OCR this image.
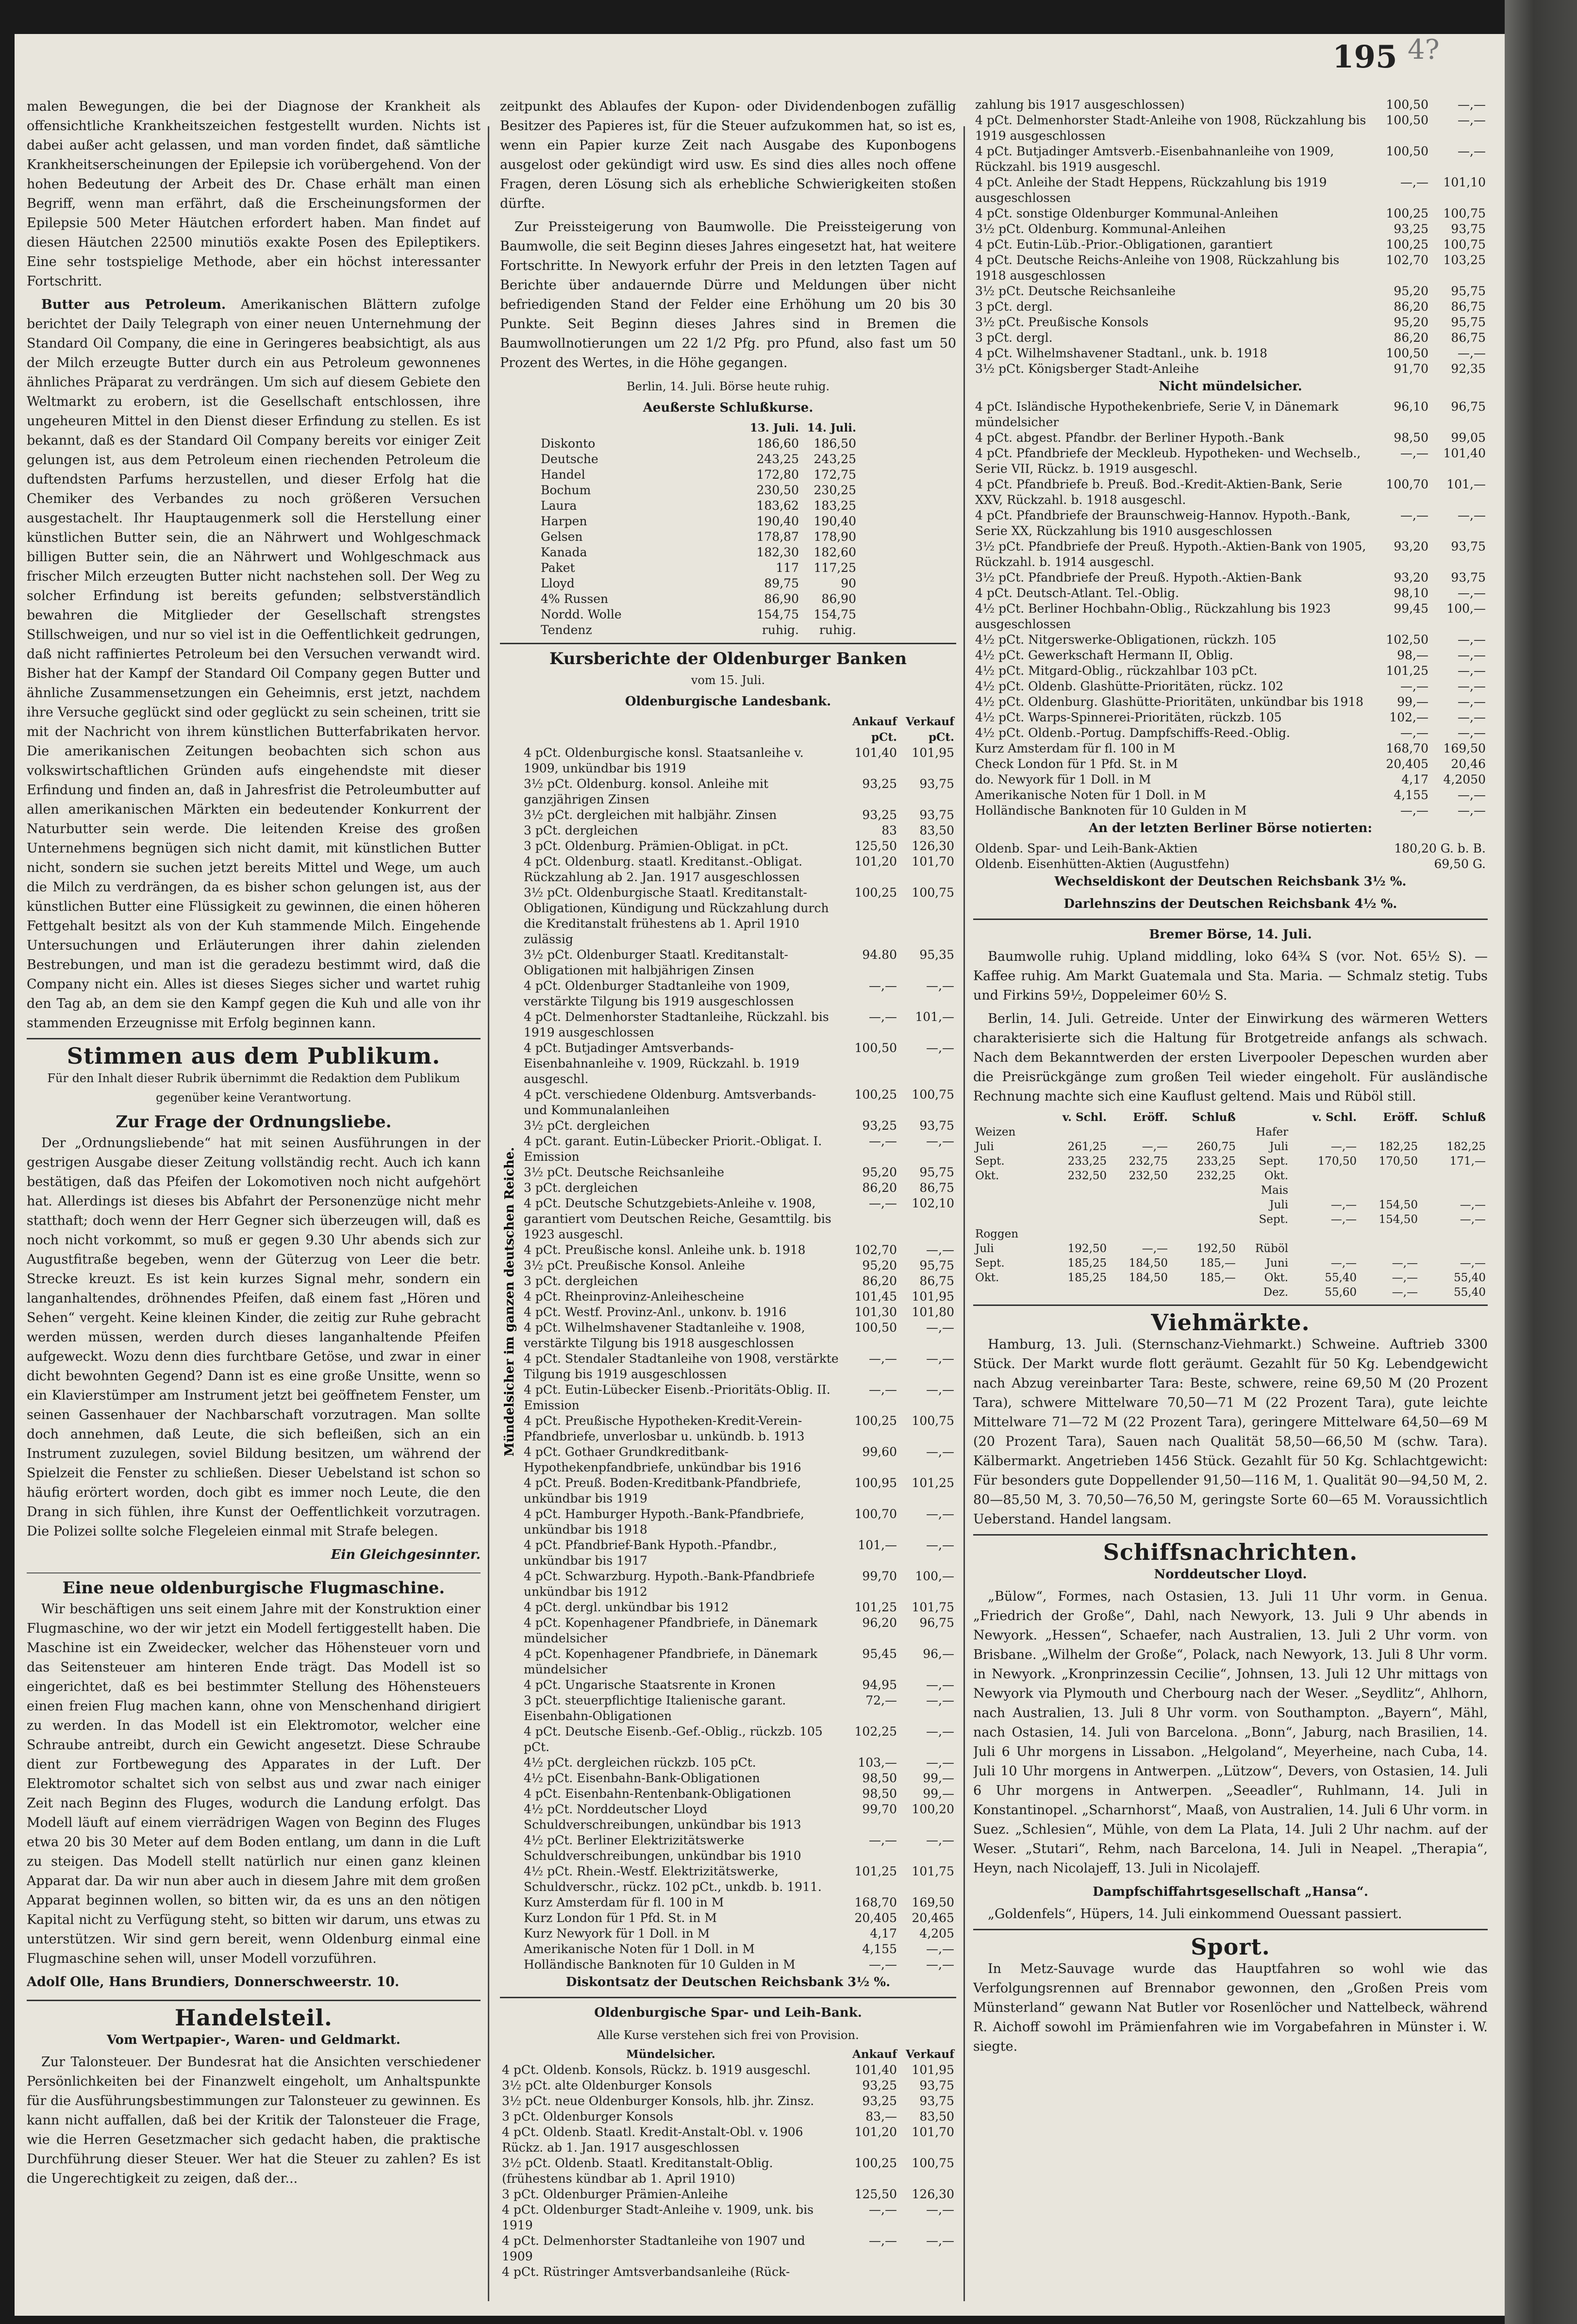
195 4?

malen Bewegungen, die bei der Diagnose der Krankheit als offensichtliche Krankheitszeichen festgestellt wurden. Nichts ist dabei außer acht gelassen, und man vorden findet, daß sämtliche Krankheitserscheinungen der Epilepsie ich vorübergehend. Von der hohen Bedeutung der Arbeit des Dr. Chase erhält man einen Begriff, wenn man erfährt, daß die Erscheinungsformen der Epilepsie 500 Meter Häutchen erfordert haben. Man findet auf diesen Häutchen 22500 minutiös exakte Posen des Epileptikers. Eine sehr tostspielige Methode, aber ein höchst interessanter Fortschritt.

Butter aus Petroleum. Amerikanischen Blättern zufolge berichtet der Daily Telegraph von einer neuen Unternehmung der Standard Oil Company, die eine in Geringeres beabsichtigt, als aus der Milch erzeugte Butter durch ein aus Petroleum gewonnenes ähnliches Präparat zu verdrängen. Um sich auf diesem Gebiete den Weltmarkt zu erobern, ist die Gesellschaft entschlossen, ihre ungeheuren Mittel in den Dienst dieser Erfindung zu stellen. Es ist bekannt, daß es der Standard Oil Company bereits vor einiger Zeit gelungen ist, aus dem Petroleum einen riechenden Petroleum die duftendsten Parfums herzustellen, und dieser Erfolg hat die Chemiker des Verbandes zu noch größeren Versuchen ausgestachelt. Ihr Hauptaugenmerk soll die Herstellung einer künstlichen Butter sein, die an Nährwert und Wohlgeschmack billigen Butter sein, die an Nährwert und Wohlgeschmack aus frischer Milch erzeugten Butter nicht nachstehen soll. Der Weg zu solcher Erfindung ist bereits gefunden; selbstverständlich bewahren die Mitglieder der Gesellschaft strengstes Stillschweigen, und nur so viel ist in die Oeffentlichkeit gedrungen, daß nicht raffiniertes Petroleum bei den Versuchen verwandt wird. Bisher hat der Kampf der Standard Oil Company gegen Butter und ähnliche Zusammensetzungen ein Geheimnis, erst jetzt, nachdem ihre Versuche geglückt sind oder geglückt zu sein scheinen, tritt sie mit der Nachricht von ihrem künstlichen Butterfabrikaten hervor. Die amerikanischen Zeitungen beobachten sich schon aus volkswirtschaftlichen Gründen aufs eingehendste mit dieser Erfindung und finden an, daß in Jahresfrist die Petroleumbutter auf allen amerikanischen Märkten ein bedeutender Konkurrent der Naturbutter sein werde. Die leitenden Kreise des großen Unternehmens begnügen sich nicht damit, mit künstlichen Butter nicht, sondern sie suchen jetzt bereits Mittel und Wege, um auch die Milch zu verdrängen, da es bisher schon gelungen ist, aus der künstlichen Butter eine Flüssigkeit zu gewinnen, die einen höheren Fettgehalt besitzt als von der Kuh stammende Milch. Eingehende Untersuchungen und Erläuterungen ihrer dahin zielenden Bestrebungen, und man ist die geradezu bestimmt wird, daß die Company nicht ein. Alles ist dieses Sieges sicher und wartet ruhig den Tag ab, an dem sie den Kampf gegen die Kuh und alle von ihr stammenden Erzeugnisse mit Erfolg beginnen kann.

Stimmen aus dem Publikum.
Für den Inhalt dieser Rubrik übernimmt die Redaktion dem Publikum gegenüber keine Verantwortung.
Zur Frage der Ordnungsliebe.

Der „Ordnungsliebende“ hat mit seinen Ausführungen in der gestrigen Ausgabe dieser Zeitung vollständig recht. Auch ich kann bestätigen, daß das Pfeifen der Lokomotiven noch nicht aufgehört hat. Allerdings ist dieses bis Abfahrt der Personenzüge nicht mehr statthaft; doch wenn der Herr Gegner sich überzeugen will, daß es noch nicht vorkommt, so muß er gegen 9.30 Uhr abends sich zur Augustfitraße begeben, wenn der Güterzug von Leer die betr. Strecke kreuzt. Es ist kein kurzes Signal mehr, sondern ein langanhaltendes, dröhnendes Pfeifen, daß einem fast „Hören und Sehen“ vergeht. Keine kleinen Kinder, die zeitig zur Ruhe gebracht werden müssen, werden durch dieses langanhaltende Pfeifen aufgeweckt. Wozu denn dies furchtbare Getöse, und zwar in einer dicht bewohnten Gegend? Dann ist es eine große Unsitte, wenn so ein Klavierstümper am Instrument jetzt bei geöffnetem Fenster, um seinen Gassenhauer der Nachbarschaft vorzutragen. Man sollte doch annehmen, daß Leute, die sich befleißen, sich an ein Instrument zuzulegen, soviel Bildung besitzen, um während der Spielzeit die Fenster zu schließen. Dieser Uebelstand ist schon so häufig erörtert worden, doch gibt es immer noch Leute, die den Drang in sich fühlen, ihre Kunst der Oeffentlichkeit vorzutragen. Die Polizei sollte solche Flegeleien einmal mit Strafe belegen.

Ein Gleichgesinnter.
Eine neue oldenburgische Flugmaschine.

Wir beschäftigen uns seit einem Jahre mit der Konstruktion einer Flugmaschine, wo der wir jetzt ein Modell fertiggestellt haben. Die Maschine ist ein Zweidecker, welcher das Höhensteuer vorn und das Seitensteuer am hinteren Ende trägt. Das Modell ist so eingerichtet, daß es bei bestimmter Stellung des Höhensteuers einen freien Flug machen kann, ohne von Menschenhand dirigiert zu werden. In das Modell ist ein Elektromotor, welcher eine Schraube antreibt, durch ein Gewicht angesetzt. Diese Schraube dient zur Fortbewegung des Apparates in der Luft. Der Elektromotor schaltet sich von selbst aus und zwar nach einiger Zeit nach Beginn des Fluges, wodurch die Landung erfolgt. Das Modell läuft auf einem vierrädrigen Wagen von Beginn des Fluges etwa 20 bis 30 Meter auf dem Boden entlang, um dann in die Luft zu steigen. Das Modell stellt natürlich nur einen ganz kleinen Apparat dar. Da wir nun aber auch in diesem Jahre mit dem großen Apparat beginnen wollen, so bitten wir, da es uns an den nötigen Kapital nicht zu Verfügung steht, so bitten wir darum, uns etwas zu unterstützen. Wir sind gern bereit, wenn Oldenburg einmal eine Flugmaschine sehen will, unser Modell vorzuführen.

Adolf Olle, Hans Brundiers, Donnerschweerstr. 10.
Handelsteil.
Vom Wertpapier-, Waren- und Geldmarkt.

Zur Talonsteuer. Der Bundesrat hat die Ansichten verschiedener Persönlichkeiten bei der Finanzwelt eingeholt, um Anhaltspunkte für die Ausführungsbestimmungen zur Talonsteuer zu gewinnen. Es kann nicht auffallen, daß bei der Kritik der Talonsteuer die Frage, wie die Herren Gesetzmacher sich gedacht haben, die praktische Durchführung dieser Steuer. Wer hat die Steuer zu zahlen? Es ist die Ungerechtigkeit zu zeigen, daß der...

zeitpunkt des Ablaufes der Kupon- oder Dividendenbogen zufällig Besitzer des Papieres ist, für die Steuer aufzukommen hat, so ist es, wenn ein Papier kurze Zeit nach Ausgabe des Kuponbogens ausgelost oder gekündigt wird usw. Es sind dies alles noch offene Fragen, deren Lösung sich als erhebliche Schwierigkeiten stoßen dürfte.

Zur Preissteigerung von Baumwolle. Die Preissteigerung von Baumwolle, die seit Beginn dieses Jahres eingesetzt hat, hat weitere Fortschritte. In Newyork erfuhr der Preis in den letzten Tagen auf Berichte über andauernde Dürre und Meldungen über nicht befriedigenden Stand der Felder eine Erhöhung um 20 bis 30 Punkte. Seit Beginn dieses Jahres sind in Bremen die Baumwollnotierungen um 22 1/2 Pfg. pro Pfund, also fast um 50 Prozent des Wertes, in die Höhe gegangen.

Berlin, 14. Juli. Börse heute ruhig.
Aeußerste Schlußkurse.
	13. Juli.	14. Juli.
Diskonto	186,60	186,50
Deutsche	243,25	243,25
Handel	172,80	172,75
Bochum	230,50	230,25
Laura	183,62	183,25
Harpen	190,40	190,40
Gelsen	178,87	178,90
Kanada	182,30	182,60
Paket	117	117,25
Lloyd	89,75	90
4% Russen	86,90	86,90
Nordd. Wolle	154,75	154,75
Tendenz	ruhig.	ruhig.
Kursberichte der Oldenburger Banken
vom 15. Juli.
Oldenburgische Landesbank.
	Ankauf	Verkauf
	pCt.	pCt.
4 pCt. Oldenburgische konsl. Staatsanleihe v. 1909, unkündbar bis 1919	101,40	101,95
3½ pCt. Oldenburg. konsol. Anleihe mit ganzjährigen Zinsen	93,25	93,75
3½ pCt. dergleichen mit halbjähr. Zinsen	93,25	93,75
3 pCt. dergleichen	83	83,50
3 pCt. Oldenburg. Prämien-Obligat. in pCt.	125,50	126,30
4 pCt. Oldenburg. staatl. Kreditanst.-Obligat. Rückzahlung ab 2. Jan. 1917 ausgeschlossen	101,20	101,70
3½ pCt. Oldenburgische Staatl. Kreditanstalt-Obligationen, Kündigung und Rückzahlung durch die Kreditanstalt frühestens ab 1. April 1910 zulässig	100,25	100,75
3½ pCt. Oldenburger Staatl. Kreditanstalt-Obligationen mit halbjährigen Zinsen	94.80	95,35
4 pCt. Oldenburger Stadtanleihe von 1909, verstärkte Tilgung bis 1919 ausgeschlossen	—,—	—,—
4 pCt. Delmenhorster Stadtanleihe, Rückzahl. bis 1919 ausgeschlossen	—,—	101,—
4 pCt. Butjadinger Amtsverbands-Eisenbahnanleihe v. 1909, Rückzahl. b. 1919 ausgeschl.	100,50	—,—
4 pCt. verschiedene Oldenburg. Amtsverbands- und Kommunalanleihen	100,25	100,75
3½ pCt. dergleichen	93,25	93,75
4 pCt. garant. Eutin-Lübecker Priorit.-Obligat. I. Emission	—,—	—,—
3½ pCt. Deutsche Reichsanleihe	95,20	95,75
3 pCt. dergleichen	86,20	86,75
4 pCt. Deutsche Schutzgebiets-Anleihe v. 1908, garantiert vom Deutschen Reiche, Gesamttilg. bis 1923 ausgeschl.	—,—	102,10
4 pCt. Preußische konsl. Anleihe unk. b. 1918	102,70	—,—
3½ pCt. Preußische Konsol. Anleihe	95,20	95,75
3 pCt. dergleichen	86,20	86,75
4 pCt. Rheinprovinz-Anleihescheine	101,45	101,95
4 pCt. Westf. Provinz-Anl., unkonv. b. 1916	101,30	101,80
4 pCt. Wilhelmshavener Stadtanleihe v. 1908, verstärkte Tilgung bis 1918 ausgeschlossen	100,50	—,—
4 pCt. Stendaler Stadtanleihe von 1908, verstärkte Tilgung bis 1919 ausgeschlossen	—,—	—,—
4 pCt. Eutin-Lübecker Eisenb.-Prioritäts-Oblig. II. Emission	—,—	—,—
4 pCt. Preußische Hypotheken-Kredit-Verein-Pfandbriefe, unverlosbar u. unkündb. b. 1913	100,25	100,75
4 pCt. Gothaer Grundkreditbank-Hypothekenpfandbriefe, unkündbar bis 1916	99,60	—,—
4 pCt. Preuß. Boden-Kreditbank-Pfandbriefe, unkündbar bis 1919	100,95	101,25
4 pCt. Hamburger Hypoth.-Bank-Pfandbriefe, unkündbar bis 1918	100,70	—,—
4 pCt. Pfandbrief-Bank Hypoth.-Pfandbr., unkündbar bis 1917	101,—	—,—
4 pCt. Schwarzburg. Hypoth.-Bank-Pfandbriefe unkündbar bis 1912	99,70	100,—
4 pCt. dergl. unkündbar bis 1912	101,25	101,75
4 pCt. Kopenhagener Pfandbriefe, in Dänemark mündelsicher	96,20	96,75
4 pCt. Kopenhagener Pfandbriefe, in Dänemark mündelsicher	95,45	96,—
4 pCt. Ungarische Staatsrente in Kronen	94,95	—,—
3 pCt. steuerpflichtige Italienische garant. Eisenbahn-Obligationen	72,—	—,—
4 pCt. Deutsche Eisenb.-Gef.-Oblig., rückzb. 105 pCt.	102,25	—,—
4½ pCt. dergleichen rückzb. 105 pCt.	103,—	—,—
4½ pCt. Eisenbahn-Bank-Obligationen	98,50	99,—
4 pCt. Eisenbahn-Rentenbank-Obligationen	98,50	99,—
4½ pCt. Norddeutscher Lloyd Schuldverschreibungen, unkündbar bis 1913	99,70	100,20
4½ pCt. Berliner Elektrizitätswerke Schuldverschreibungen, unkündbar bis 1910	—,—	—,—
4½ pCt. Rhein.-Westf. Elektrizitätswerke, Schuldverschr., rückz. 102 pCt., unkdb. b. 1911.	101,25	101,75
Kurz Amsterdam für fl. 100 in M	168,70	169,50
Kurz London für 1 Pfd. St. in M	20,405	20,465
Kurz Newyork für 1 Doll. in M	4,17	4,205
Amerikanische Noten für 1 Doll. in M	4,155	—,—
Holländische Banknoten für 10 Gulden in M	—,—	—,—
Diskontsatz der Deutschen Reichsbank 3½ %.
Oldenburgische Spar- und Leih-Bank.
Alle Kurse verstehen sich frei von Provision.
Mündelsicher.	Ankauf	Verkauf
4 pCt. Oldenb. Konsols, Rückz. b. 1919 ausgeschl.	101,40	101,95
3½ pCt. alte Oldenburger Konsols	93,25	93,75
3½ pCt. neue Oldenburger Konsols, hlb. jhr. Zinsz.	93,25	93,75
3 pCt. Oldenburger Konsols	83,—	83,50
4 pCt. Oldenb. Staatl. Kredit-Anstalt-Obl. v. 1906 Rückz. ab 1. Jan. 1917 ausgeschlossen	101,20	101,70
3½ pCt. Oldenb. Staatl. Kreditanstalt-Oblig. (frühestens kündbar ab 1. April 1910)	100,25	100,75
3 pCt. Oldenburger Prämien-Anleihe	125,50	126,30
4 pCt. Oldenburger Stadt-Anleihe v. 1909, unk. bis 1919	—,—	—,—
4 pCt. Delmenhorster Stadtanleihe von 1907 und 1909	—,—	—,—
4 pCt. Rüstringer Amtsverbandsanleihe (Rück-		
Mündelsicher im ganzen deutschen Reiche.
zahlung bis 1917 ausgeschlossen)	100,50	—,—
4 pCt. Delmenhorster Stadt-Anleihe von 1908, Rückzahlung bis 1919 ausgeschlossen	100,50	—,—
4 pCt. Butjadinger Amtsverb.-Eisenbahnanleihe von 1909, Rückzahl. bis 1919 ausgeschl.	100,50	—,—
4 pCt. Anleihe der Stadt Heppens, Rückzahlung bis 1919 ausgeschlossen	—,—	101,10
4 pCt. sonstige Oldenburger Kommunal-Anleihen	100,25	100,75
3½ pCt. Oldenburg. Kommunal-Anleihen	93,25	93,75
4 pCt. Eutin-Lüb.-Prior.-Obligationen, garantiert	100,25	100,75
4 pCt. Deutsche Reichs-Anleihe von 1908, Rückzahlung bis 1918 ausgeschlossen	102,70	103,25
3½ pCt. Deutsche Reichsanleihe	95,20	95,75
3 pCt. dergl.	86,20	86,75
3½ pCt. Preußische Konsols	95,20	95,75
3 pCt. dergl.	86,20	86,75
4 pCt. Wilhelmshavener Stadtanl., unk. b. 1918	100,50	—,—
3½ pCt. Königsberger Stadt-Anleihe	91,70	92,35
Nicht mündelsicher.
4 pCt. Isländische Hypothekenbriefe, Serie V, in Dänemark mündelsicher	96,10	96,75
4 pCt. abgest. Pfandbr. der Berliner Hypoth.-Bank	98,50	99,05
4 pCt. Pfandbriefe der Meckleub. Hypotheken- und Wechselb., Serie VII, Rückz. b. 1919 ausgeschl.	—,—	101,40
4 pCt. Pfandbriefe b. Preuß. Bod.-Kredit-Aktien-Bank, Serie XXV, Rückzahl. b. 1918 ausgeschl.	100,70	101,—
4 pCt. Pfandbriefe der Braunschweig-Hannov. Hypoth.-Bank, Serie XX, Rückzahlung bis 1910 ausgeschlossen	—,—	—,—
3½ pCt. Pfandbriefe der Preuß. Hypoth.-Aktien-Bank von 1905, Rückzahl. b. 1914 ausgeschl.	93,20	93,75
3½ pCt. Pfandbriefe der Preuß. Hypoth.-Aktien-Bank	93,20	93,75
4 pCt. Deutsch-Atlant. Tel.-Oblig.	98,10	—,—
4½ pCt. Berliner Hochbahn-Oblig., Rückzahlung bis 1923 ausgeschlossen	99,45	100,—
4½ pCt. Nitgerswerke-Obligationen, rückzh. 105	102,50	—,—
4½ pCt. Gewerkschaft Hermann II, Oblig.	98,—	—,—
4½ pCt. Mitgard-Oblig., rückzahlbar 103 pCt.	101,25	—,—
4½ pCt. Oldenb. Glashütte-Prioritäten, rückz. 102	—,—	—,—
4½ pCt. Oldenburg. Glashütte-Prioritäten, unkündbar bis 1918	99,—	—,—
4½ pCt. Warps-Spinnerei-Prioritäten, rückzb. 105	102,—	—,—
4½ pCt. Oldenb.-Portug. Dampfschiffs-Reed.-Oblig.	—,—	—,—
Kurz Amsterdam für fl. 100 in M	168,70	169,50
Check London für 1 Pfd. St. in M	20,405	20,46
do. Newyork für 1 Doll. in M	4,17	4,2050
Amerikanische Noten für 1 Doll. in M	4,155	—,—
Holländische Banknoten für 10 Gulden in M	—,—	—,—
An der letzten Berliner Börse notierten:
Oldenb. Spar- und Leih-Bank-Aktien	180,20 G. b. B.
Oldenb. Eisenhütten-Aktien (Augustfehn)	69,50 G.
Wechseldiskont der Deutschen Reichsbank 3½ %.
Darlehnszins der Deutschen Reichsbank 4½ %.
Bremer Börse, 14. Juli.

Baumwolle ruhig. Upland middling, loko 64¾ S (vor. Not. 65½ S). — Kaffee ruhig. Am Markt Guatemala und Sta. Maria. — Schmalz stetig. Tubs und Firkins 59½, Doppeleimer 60½ S.

Berlin, 14. Juli. Getreide. Unter der Einwirkung des wärmeren Wetters charakterisierte sich die Haltung für Brotgetreide anfangs als schwach. Nach dem Bekanntwerden der ersten Liverpooler Depeschen wurden aber die Preisrückgänge zum großen Teil wieder eingeholt. Für ausländische Rechnung machte sich eine Kauflust geltend. Mais und Rüböl still.

	v. Schl.	Eröff.	Schluß		v. Schl.	Eröff.	Schluß
Weizen				Hafer			
Juli	261,25	—,—	260,75	Juli	—,—	182,25	182,25
Sept.	233,25	232,75	233,25	Sept.	170,50	170,50	171,—
Okt.	232,50	232,50	232,25	Okt.			
				Mais			
				Juli	—,—	154,50	—,—
				Sept.	—,—	154,50	—,—
Roggen							
Juli	192,50	—,—	192,50	Rüböl			
Sept.	185,25	184,50	185,—	Juni	—,—	—,—	—,—
Okt.	185,25	184,50	185,—	Okt.	55,40	—,—	55,40
				Dez.	55,60	—,—	55,40
Viehmärkte.

Hamburg, 13. Juli. (Sternschanz-Viehmarkt.) Schweine. Auftrieb 3300 Stück. Der Markt wurde flott geräumt. Gezahlt für 50 Kg. Lebendgewicht nach Abzug vereinbarter Tara: Beste, schwere, reine 69,50 M (20 Prozent Tara), schwere Mittelware 70,50—71 M (22 Prozent Tara), gute leichte Mittelware 71—72 M (22 Prozent Tara), geringere Mittelware 64,50—69 M (20 Prozent Tara), Sauen nach Qualität 58,50—66,50 M (schw. Tara). Kälbermarkt. Angetrieben 1456 Stück. Gezahlt für 50 Kg. Schlachtgewicht: Für besonders gute Doppellender 91,50—116 M, 1. Qualität 90—94,50 M, 2. 80—85,50 M, 3. 70,50—76,50 M, geringste Sorte 60—65 M. Voraussichtlich Ueberstand. Handel langsam.

Schiffsnachrichten.
Norddeutscher Lloyd.

„Bülow“, Formes, nach Ostasien, 13. Juli 11 Uhr vorm. in Genua. „Friedrich der Große“, Dahl, nach Newyork, 13. Juli 9 Uhr abends in Newyork. „Hessen“, Schaefer, nach Australien, 13. Juli 2 Uhr vorm. von Brisbane. „Wilhelm der Große“, Polack, nach Newyork, 13. Juli 8 Uhr vorm. in Newyork. „Kronprinzessin Cecilie“, Johnsen, 13. Juli 12 Uhr mittags von Newyork via Plymouth und Cherbourg nach der Weser. „Seydlitz“, Ahlhorn, nach Australien, 13. Juli 8 Uhr vorm. von Southampton. „Bayern“, Mähl, nach Ostasien, 14. Juli von Barcelona. „Bonn“, Jaburg, nach Brasilien, 14. Juli 6 Uhr morgens in Lissabon. „Helgoland“, Meyerheine, nach Cuba, 14. Juli 10 Uhr morgens in Antwerpen. „Lützow“, Devers, von Ostasien, 14. Juli 6 Uhr morgens in Antwerpen. „Seeadler“, Ruhlmann, 14. Juli in Konstantinopel. „Scharnhorst“, Maaß, von Australien, 14. Juli 6 Uhr vorm. in Suez. „Schlesien“, Mühle, von dem La Plata, 14. Juli 2 Uhr nachm. auf der Weser. „Stutari“, Rehm, nach Barcelona, 14. Juli in Neapel. „Therapia“, Heyn, nach Nicolajeff, 13. Juli in Nicolajeff.

Dampfschiffahrtsgesellschaft „Hansa“.

„Goldenfels“, Hüpers, 14. Juli einkommend Ouessant passiert.

Sport.

In Metz-Sauvage wurde das Hauptfahren so wohl wie das Verfolgungsrennen auf Brennabor gewonnen, den „Großen Preis vom Münsterland“ gewann Nat Butler vor Rosenlöcher und Nattelbeck, während R. Aichoff sowohl im Prämienfahren wie im Vorgabefahren in Münster i. W. siegte.
